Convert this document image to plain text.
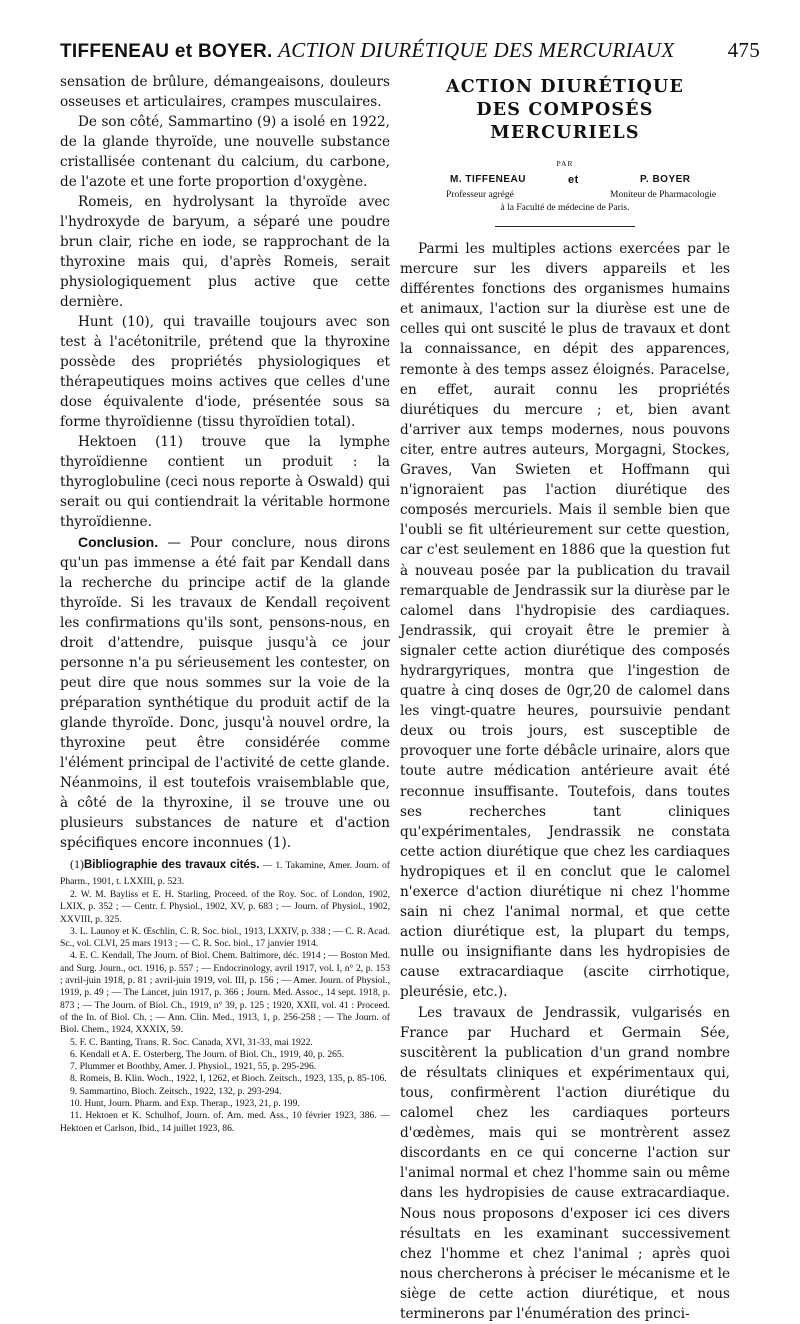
TIFFENEAU et BOYER. ACTION DIURÉTIQUE DES MERCURIAUX	475

sensation de brûlure, démangeaisons, douleurs osseuses et articulaires, crampes musculaires.

De son côté, Sammartino (9) a isolé en 1922, de la glande thyroïde, une nouvelle substance cristallisée contenant du calcium, du carbone, de l'azote et une forte proportion d'oxygène.

Romeis, en hydrolysant la thyroïde avec l'hydroxyde de baryum, a séparé une poudre brun clair, riche en iode, se rapprochant de la thyroxine mais qui, d'après Romeis, serait physiologiquement plus active que cette dernière.

Hunt (10), qui travaille toujours avec son test à l'acétonitrile, prétend que la thyroxine possède des propriétés physiologiques et thérapeutiques moins actives que celles d'une dose équivalente d'iode, présentée sous sa forme thyroïdienne (tissu thyroïdien total).

Hektoen (11) trouve que la lymphe thyroïdienne contient un produit : la thyroglobuline (ceci nous reporte à Oswald) qui serait ou qui contiendrait la véritable hormone thyroïdienne.

Conclusion. — Pour conclure, nous dirons qu'un pas immense a été fait par Kendall dans la recherche du principe actif de la glande thyroïde. Si les travaux de Kendall reçoivent les confirmations qu'ils sont, pensons-nous, en droit d'attendre, puisque jusqu'à ce jour personne n'a pu sérieusement les contester, on peut dire que nous sommes sur la voie de la préparation synthétique du produit actif de la glande thyroïde. Donc, jusqu'à nouvel ordre, la thyroxine peut être considérée comme l'élément principal de l'activité de cette glande. Néanmoins, il est toutefois vraisemblable que, à côté de la thyroxine, il se trouve une ou plusieurs substances de nature et d'action spécifiques encore inconnues (1).

(1)Bibliographie des travaux cités. — 1. Takamine, Amer. Journ. of Pharm., 1901, t. LXXIII, p. 523.

2. W. M. Bayliss et E. H. Starling, Proceed. of the Roy. Soc. of London, 1902, LXIX, p. 352 ; — Centr. f. Physiol., 1902, XV, p. 683 ; — Journ. of Physiol., 1902, XXVIII, p. 325.

3. L. Launoy et K. Œschlin, C. R. Soc. biol., 1913, LXXIV, p. 338 ; — C. R. Acad. Sc., vol. CLVI, 25 mars 1913 ; — C. R. Soc. biol., 17 janvier 1914.

4. E. C. Kendall, The Journ. of Biol. Chem. Baltimore, déc. 1914 ; — Boston Med. and Surg. Journ., oct. 1916, p. 557 ; — Endocrinology, avril 1917, vol. I, n° 2, p. 153 ; avril-juin 1918, p. 81 ; avril-juin 1919, vol. III, p. 156 ; — Amer. Journ. of Physiol., 1919, p. 49 ; — The Lancet, juin 1917, p. 366 ; Journ. Med. Assoc., 14 sept. 1918, p. 873 ; — The Journ. of Biol. Ch., 1919, n° 39, p. 125 ; 1920, XXII, vol. 41 : Proceed. of the In. of Biol. Ch. ; — Ann. Clin. Med., 1913, 1, p. 256-258 ; — The Journ. of Biol. Chem., 1924, XXXIX, 59.

5. F. C. Banting, Trans. R. Soc. Canada, XVI, 31-33, mai 1922.

6. Kendall et A. E. Osterberg, The Journ. of Biol. Ch., 1919, 40, p. 265.

7. Plummer et Boothby, Amer. J. Physiol., 1921, 55, p. 295-296.

8. Romeis, B. Klin. Woch., 1922, I, 1262, et Bioch. Zeitsch., 1923, 135, p. 85-106.

9. Sammartino, Bioch. Zeitsch., 1922, 132, p. 293-294.

10. Hunt, Journ. Pharm. and Exp. Therap., 1923, 21, p. 199.

11. Hektoen et K. Schulhof, Journ. of. Am. med. Ass., 10 février 1923, 386. — Hektoen et Carlson, Ibid., 14 juillet 1923, 86.

ACTION DIURÉTIQUE
DES COMPOSÉS MERCURIELS
PAR
M. TIFFENEAU	et	P. BOYER
Professeur agrégé	Moniteur de Pharmacologie
à la Faculté de médecine de Paris.

Parmi les multiples actions exercées par le mercure sur les divers appareils et les différentes fonctions des organismes humains et animaux, l'action sur la diurèse est une de celles qui ont suscité le plus de travaux et dont la connaissance, en dépit des apparences, remonte à des temps assez éloignés. Paracelse, en effet, aurait connu les propriétés diurétiques du mercure ; et, bien avant d'arriver aux temps modernes, nous pouvons citer, entre autres auteurs, Morgagni, Stockes, Graves, Van Swieten et Hoffmann qui n'ignoraient pas l'action diurétique des composés mercuriels. Mais il semble bien que l'oubli se fit ultérieurement sur cette question, car c'est seulement en 1886 que la question fut à nouveau posée par la publication du travail remarquable de Jendrassik sur la diurèse par le calomel dans l'hydropisie des cardiaques. Jendrassik, qui croyait être le premier à signaler cette action diurétique des composés hydrargyriques, montra que l'ingestion de quatre à cinq doses de 0gr,20 de calomel dans les vingt-quatre heures, poursuivie pendant deux ou trois jours, est susceptible de provoquer une forte débâcle urinaire, alors que toute autre médication antérieure avait été reconnue insuffisante. Toutefois, dans toutes ses recherches tant cliniques qu'expérimentales, Jendrassik ne constata cette action diurétique que chez les cardiaques hydropiques et il en conclut que le calomel n'exerce d'action diurétique ni chez l'homme sain ni chez l'animal normal, et que cette action diurétique est, la plupart du temps, nulle ou insignifiante dans les hydropisies de cause extracardiaque (ascite cirrhotique, pleurésie, etc.).

Les travaux de Jendrassik, vulgarisés en France par Huchard et Germain Sée, suscitèrent la publication d'un grand nombre de résultats cliniques et expérimentaux qui, tous, confirmèrent l'action diurétique du calomel chez les cardiaques porteurs d'œdèmes, mais qui se montrèrent assez discordants en ce qui concerne l'action sur l'animal normal et chez l'homme sain ou même dans les hydropisies de cause extracardiaque. Nous nous proposons d'exposer ici ces divers résultats en les examinant successivement chez l'homme et chez l'animal ; après quoi nous chercherons à préciser le mécanisme et le siège de cette action diurétique, et nous terminerons par l'énumération des princi-
